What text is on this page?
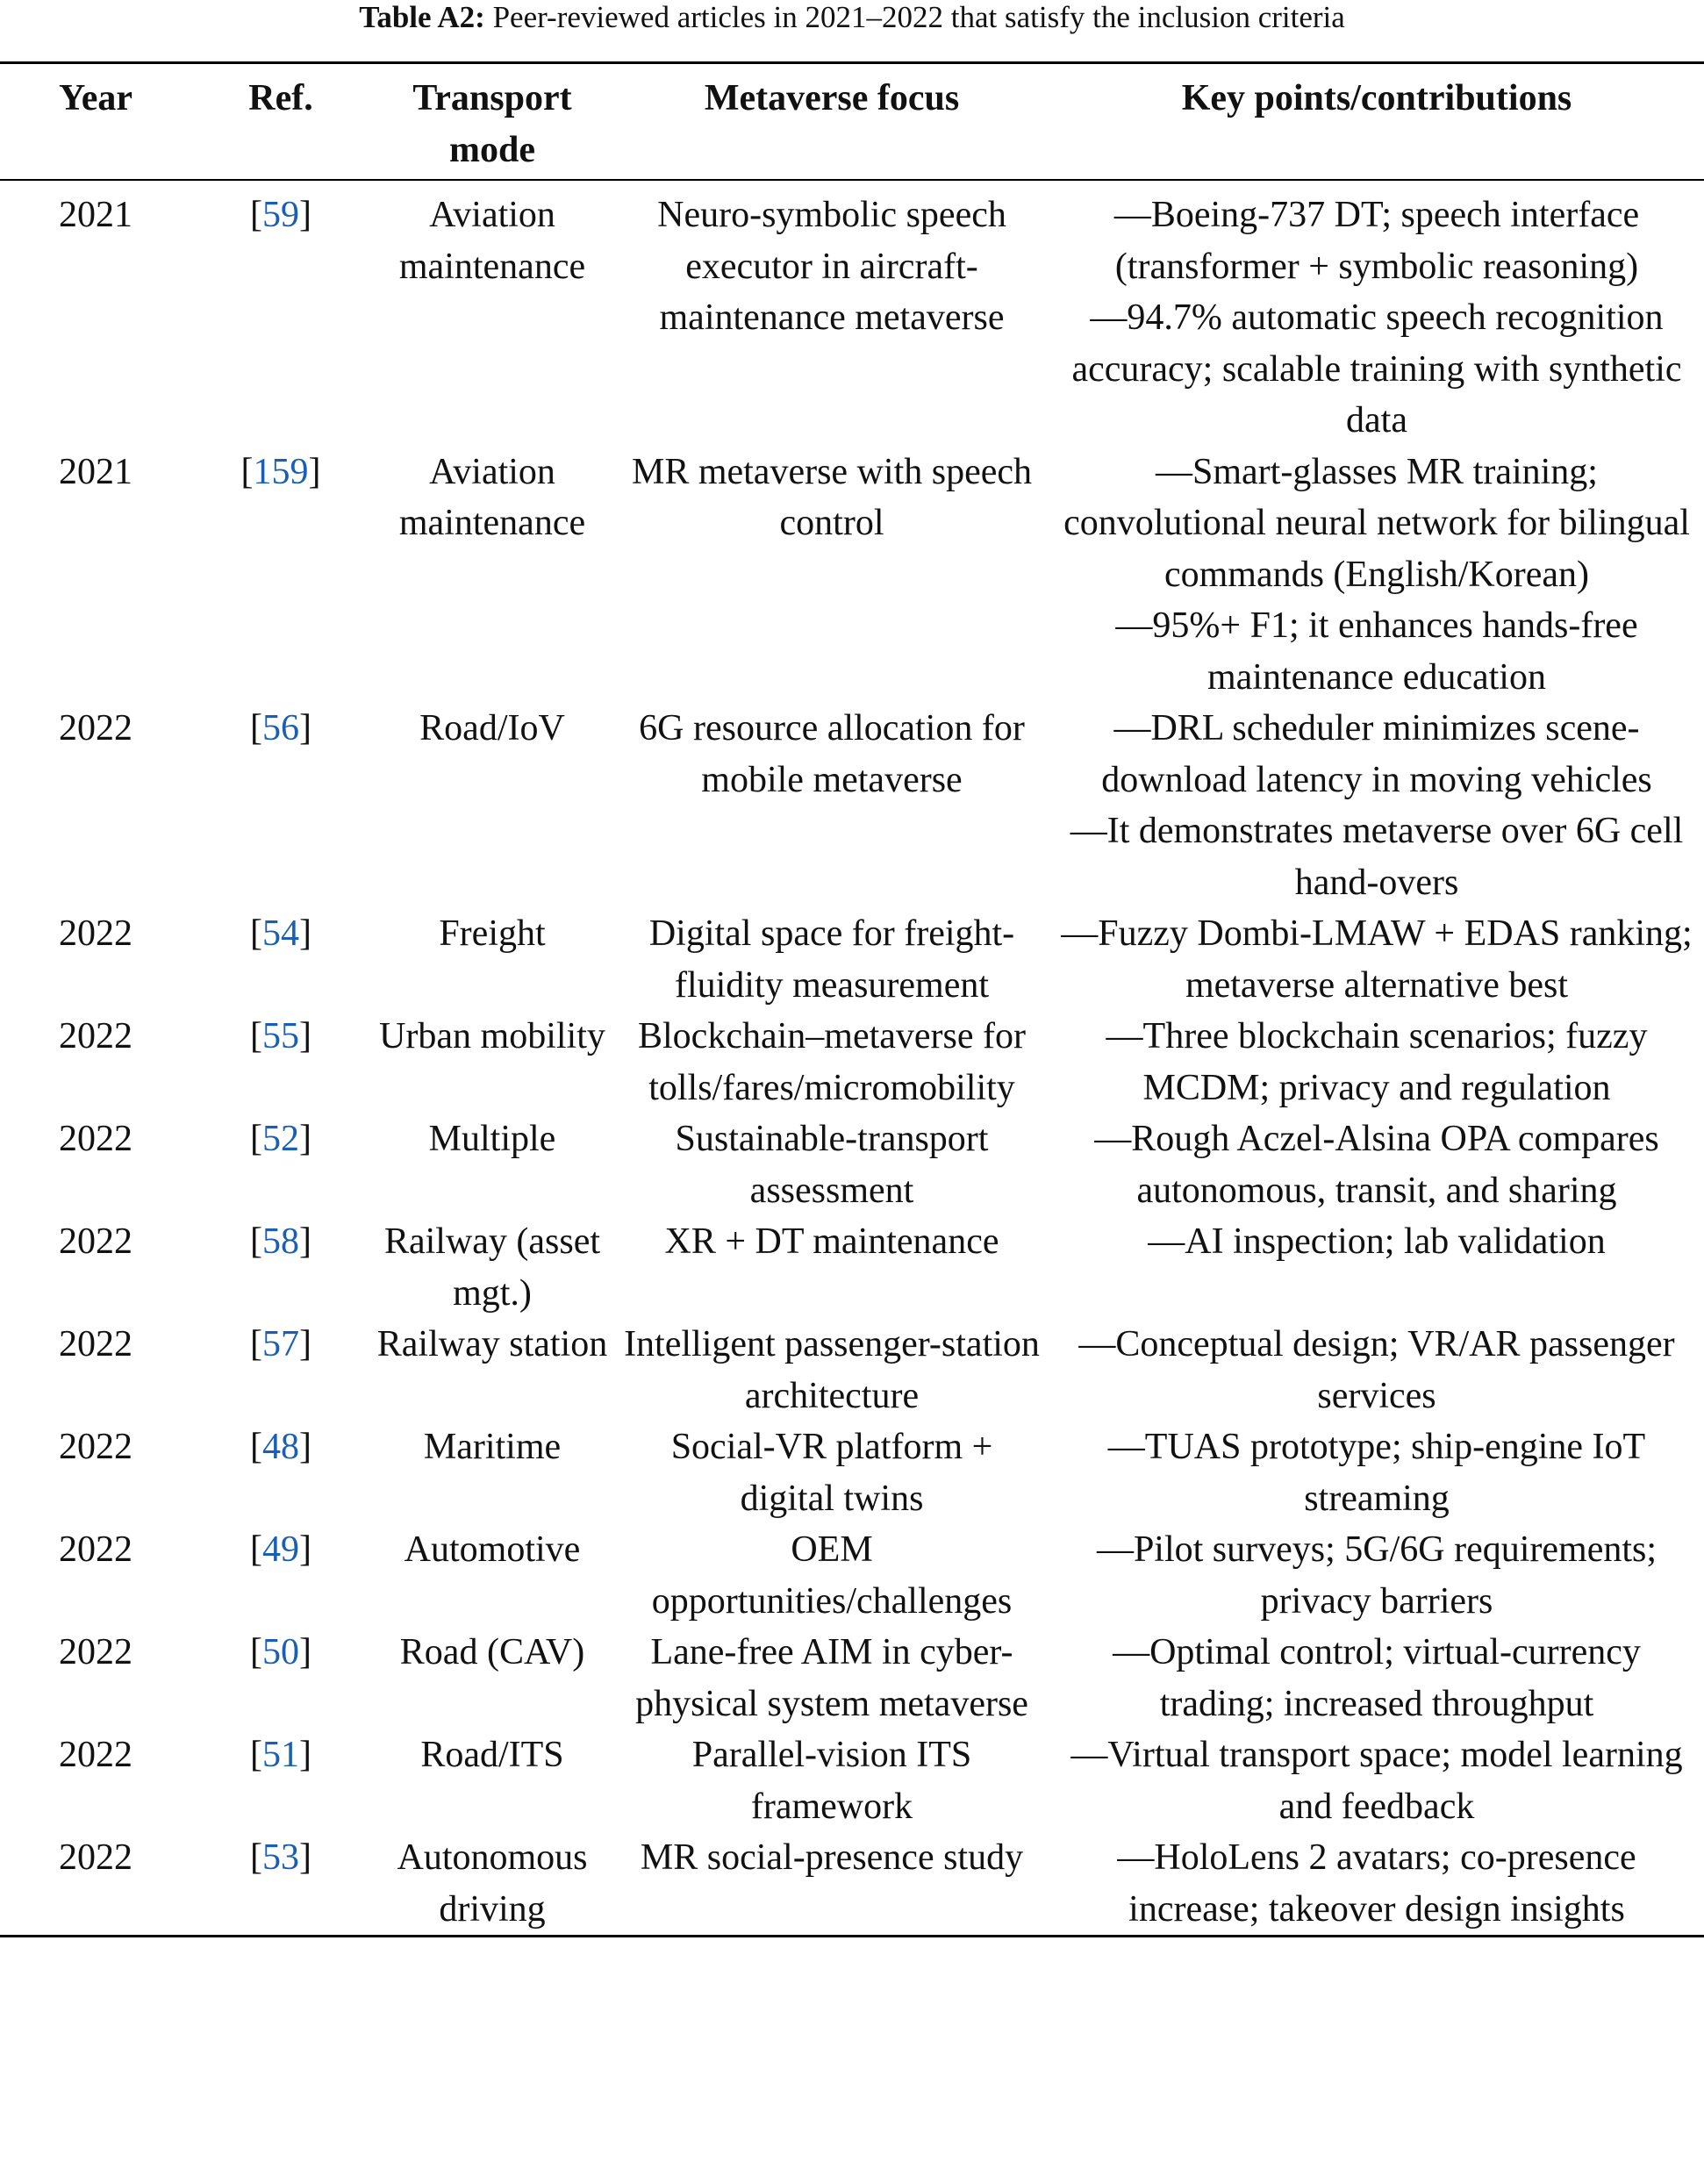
Table A2: Peer-reviewed articles in 2021–2022 that satisfy the inclusion criteria
Year	Ref.	Transport mode	Metaverse focus	Key points/contributions
2021	[59]	Aviation maintenance	Neuro-symbolic speech executor in aircraft-maintenance metaverse	—Boeing-737 DT; speech interface (transformer + symbolic reasoning)
—94.7% automatic speech recognition accuracy; scalable training with synthetic data

2021	[159]	Aviation maintenance	MR metaverse with speech control	—Smart-glasses MR training; convolutional neural network for bilingual commands (English/Korean)
—95%+ F1; it enhances hands-free maintenance education

2022	[56]	Road/IoV	6G resource allocation for mobile metaverse	—DRL scheduler minimizes scene-download latency in moving vehicles
—It demonstrates metaverse over 6G cell hand-overs

2022	[54]	Freight	Digital space for freight-fluidity measurement	—Fuzzy Dombi-LMAW + EDAS ranking; metaverse alternative best

2022	[55]	Urban mobility	Blockchain–metaverse for tolls/fares/micromobility	—Three blockchain scenarios; fuzzy MCDM; privacy and regulation

2022	[52]	Multiple	Sustainable-transport assessment	—Rough Aczel-Alsina OPA compares autonomous, transit, and sharing

2022	[58]	Railway (asset mgt.)	XR + DT maintenance	—AI inspection; lab validation

2022	[57]	Railway station	Intelligent passenger-station architecture	—Conceptual design; VR/AR passenger services

2022	[48]	Maritime	Social-VR platform + digital twins	—TUAS prototype; ship-engine IoT streaming

2022	[49]	Automotive	OEM opportunities/challenges	—Pilot surveys; 5G/6G requirements; privacy barriers

2022	[50]	Road (CAV)	Lane-free AIM in cyber-physical system metaverse	—Optimal control; virtual-currency trading; increased throughput

2022	[51]	Road/ITS	Parallel-vision ITS framework	—Virtual transport space; model learning and feedback

2022	[53]	Autonomous driving	MR social-presence study	—HoloLens 2 avatars; co-presence increase; takeover design insights
